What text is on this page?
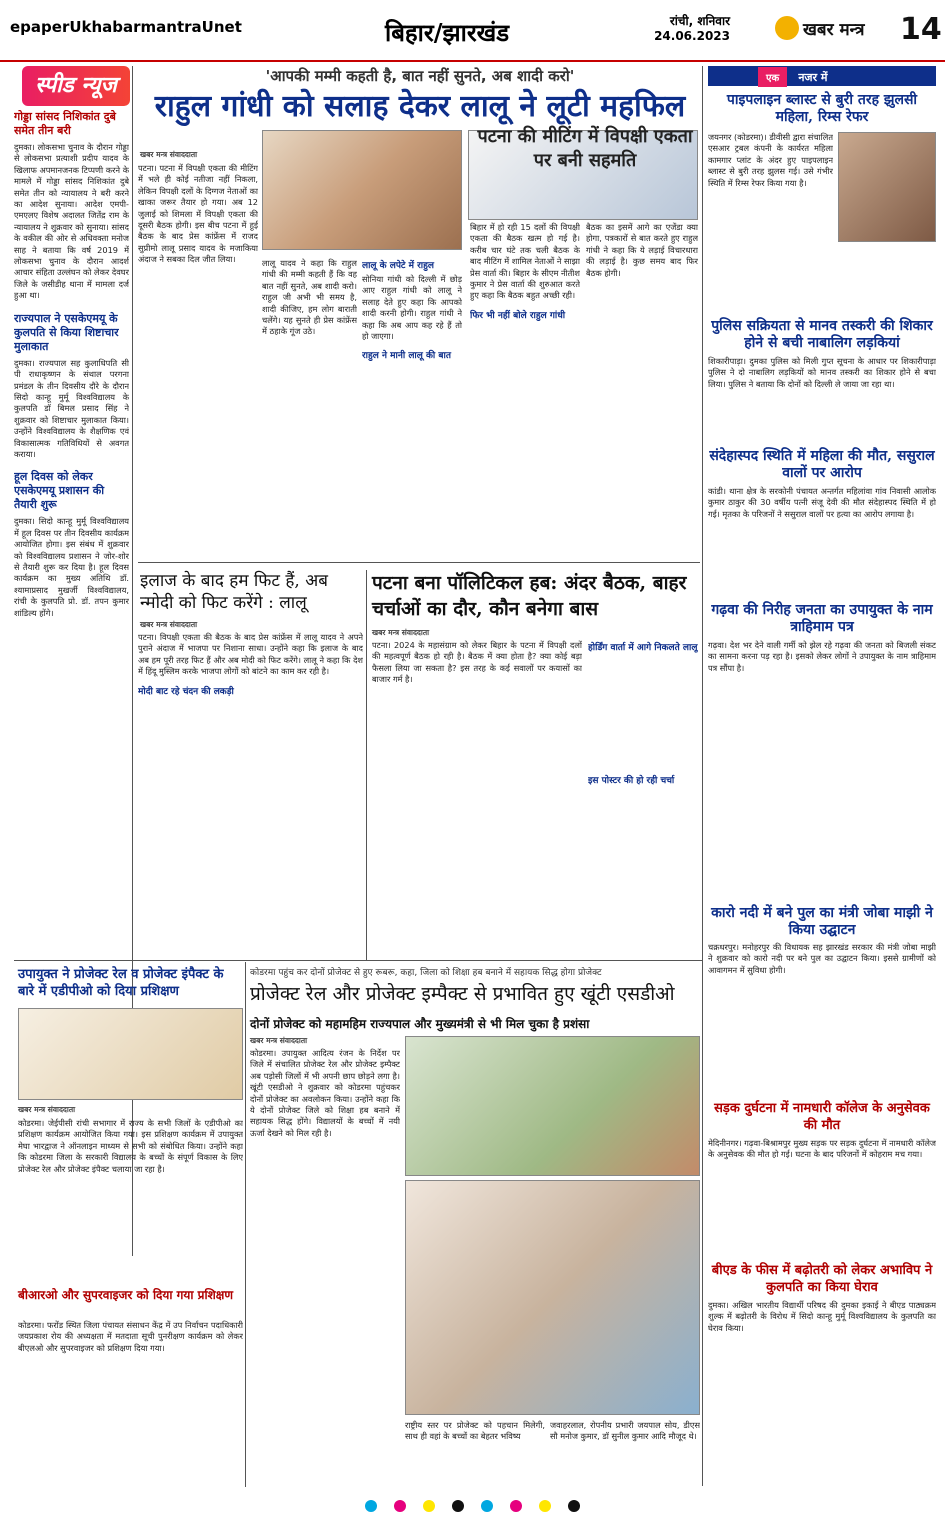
epaperUkhabarmantraUnet	बिहार/झारखंड	रांची, शनिवार
24.06.2023	खबर मन्त्र	14
स्पीड न्यूज
गोड्डा सांसद निशिकांत दुबे समेत तीन बरी
दुमका। लोकसभा चुनाव के दौरान गोड्डा से लोकसभा प्रत्याशी प्रदीप यादव के खिलाफ अपमानजनक टिप्पणी करने के मामले में गोड्डा सांसद निशिकांत दुबे समेत तीन को न्यायालय ने बरी करने का आदेश सुनाया। आदेश एमपी-एमएलए विशेष अदालत जितेंद्र राम के न्यायालय ने शुक्रवार को सुनाया। सांसद के वकील की ओर से अधिवक्ता मनोज साह ने बताया कि वर्ष 2019 में लोकसभा चुनाव के दौरान आदर्श आचार संहिता उल्लंघन को लेकर देवघर जिले के जसीडीह थाना में मामला दर्ज हुआ था।
राज्यपाल ने एसकेएमयू के कुलपति से किया शिष्टाचार मुलाकात
दुमका। राज्यपाल सह कुलाधिपति सी पी राधाकृष्णन के संथाल परगना प्रमंडल के तीन दिवसीय दौरे के दौरान सिदो कान्हू मुर्मू विश्वविद्यालय के कुलपति डॉ बिमल प्रसाद सिंह ने शुक्रवार को शिष्टाचार मुलाकात किया। उन्होंने विश्वविद्यालय के शैक्षणिक एवं विकासात्मक गतिविधियों से अवगत कराया।
हूल दिवस को लेकर एसकेएमयू प्रशासन की तैयारी शुरू
दुमका। सिदो कान्हू मुर्मू विश्वविद्यालय में हूल दिवस पर तीन दिवसीय कार्यक्रम आयोजित होगा। इस संबंध में शुक्रवार को विश्वविद्यालय प्रशासन ने जोर-शोर से तैयारी शुरू कर दिया है। हूल दिवस कार्यक्रम का मुख्य अतिथि डॉ. श्यामाप्रसाद मुखर्जी विश्वविद्यालय, रांची के कुलपति प्रो. डॉ. तपन कुमार शांडिल्य होंगे।
'आपकी मम्मी कहती है, बात नहीं सुनते, अब शादी करो'
राहुल गांधी को सलाह देकर लालू ने लूटी महफिल
खबर मन्त्र संवाददाता
पटना। पटना में विपक्षी एकता की मीटिंग में भले ही कोई नतीजा नहीं निकला, लेकिन विपक्षी दलों के दिग्गज नेताओं का खाका जरूर तैयार हो गया। अब 12 जुलाई को शिमला में विपक्षी एकता की दूसरी बैठक होगी। इस बीच पटना में हुई बैठक के बाद प्रेस कांफ्रेंस में राजद सुप्रीमो लालू प्रसाद यादव के मजाकिया अंदाज ने सबका दिल जीत लिया।	लालू यादव ने कहा कि राहुल गांधी की मम्मी कहती हैं कि वह बात नहीं सुनते, अब शादी करो। राहुल जी अभी भी समय है, शादी कीजिए, हम लोग बाराती चलेंगे। यह सुनते ही प्रेस कांफ्रेंस में ठहाके गूंज उठे।
लालू के लपेटे में राहुल
सोनिया गांधी को दिल्ली में छोड़ आए राहुल गांधी को लालू ने सलाह देते हुए कहा कि आपको शादी करनी होगी। राहुल गांधी ने कहा कि अब आप कह रहे हैं तो हो जाएगा।
राहुल ने मानी लालू की बात
पटना की मीटिंग में विपक्षी एकता पर बनी सहमति
बिहार में हो रही 15 दलों की विपक्षी एकता की बैठक खत्म हो गई है। करीब चार घंटे तक चली बैठक के बाद मीटिंग में शामिल नेताओं ने साझा प्रेस वार्ता की। बिहार के सीएम नीतीश कुमार ने प्रेस वार्ता की शुरुआत करते हुए कहा कि बैठक बहुत अच्छी रही।
फिर भी नहीं बोले राहुल गांधी
बैठक का इसमें आगे का एजेंडा क्या होगा, पत्रकारों से बात करते हुए राहुल गांधी ने कहा कि ये लड़ाई विचारधारा की लड़ाई है। कुछ समय बाद फिर बैठक होगी।
इलाज के बाद हम फिट हैं, अब न्मोदी को फिट करेंगे : लालू
खबर मन्त्र संवाददाता
पटना। विपक्षी एकता की बैठक के बाद प्रेस कांफ्रेंस में लालू यादव ने अपने पुराने अंदाज में भाजपा पर निशाना साधा। उन्होंने कहा कि इलाज के बाद अब हम पूरी तरह फिट हैं और अब मोदी को फिट करेंगे। लालू ने कहा कि देश में हिंदू मुस्लिम करके भाजपा लोगों को बांटने का काम कर रही है।
मोदी बाट रहे चंदन की लकड़ी
पटना बना पॉलिटिकल हब: अंदर बैठक, बाहर चर्चाओं का दौर, कौन बनेगा बास
खबर मन्त्र संवाददाता
पटना। 2024 के महासंग्राम को लेकर बिहार के पटना में विपक्षी दलों की महत्वपूर्ण बैठक हो रही है। बैठक में क्या होता है? क्या कोई बड़ा फैसला लिया जा सकता है? इस तरह के कई सवालों पर कयासों का बाजार गर्म है।
होर्डिंग वार्ता में आगे निकलते लालू
इस पोस्टर की हो रही चर्चा
उपायुक्त ने प्रोजेक्ट रेल व प्रोजेक्ट इंपैक्ट के बारे में एडीपीओ को दिया प्रशिक्षण
खबर मन्त्र संवाददाता
कोडरमा। जेईपीसी रांची सभागार में राज्य के सभी जिलों के एडीपीओ का प्रशिक्षण कार्यक्रम आयोजित किया गया। इस प्रशिक्षण कार्यक्रम में उपायुक्त मेघा भारद्वाज ने ऑनलाइन माध्यम से सभी को संबोधित किया। उन्होंने कहा कि कोडरमा जिला के सरकारी विद्यालय के बच्चों के संपूर्ण विकास के लिए प्रोजेक्ट रेल और प्रोजेक्ट इंपैक्ट चलाया जा रहा है।
बीआरओ और सुपरवाइजर को दिया गया प्रशिक्षण
कोडरमा। फरोंड स्थित जिला पंचायत संसाधन केंद्र में उप निर्वाचन पदाधिकारी जयप्रकाश रोय की अध्यक्षता में मतदाता सूची पुनरीक्षण कार्यक्रम को लेकर बीएलओ और सुपरवाइजर को प्रशिक्षण दिया गया।
कोडरमा पहुंच कर दोनों प्रोजेक्ट से हुए रूबरू, कहा, जिला को शिक्षा हब बनाने में सहायक सिद्ध होगा प्रोजेक्ट
प्रोजेक्ट रेल और प्रोजेक्ट इम्पैक्ट से प्रभावित हुए खूंटी एसडीओ
दोनों प्रोजेक्ट को महामहिम राज्यपाल और मुख्यमंत्री से भी मिल चुका है प्रशंसा
खबर मन्त्र संवाददाता
कोडरमा। उपायुक्त आदित्य रंजन के निर्देश पर जिले में संचालित प्रोजेक्ट रेल और प्रोजेक्ट इम्पैक्ट अब पड़ोसी जिलों में भी अपनी छाप छोड़ने लगा है। खूंटी एसडीओ ने शुक्रवार को कोडरमा पहुंचकर दोनों प्रोजेक्ट का अवलोकन किया। उन्होंने कहा कि ये दोनों प्रोजेक्ट जिले को शिक्षा हब बनाने में सहायक सिद्ध होंगे। विद्यालयों के बच्चों में नयी ऊर्जा देखने को मिल रही है।
राष्ट्रीय स्तर पर प्रोजेक्ट को पहचान मिलेगी, साथ ही वहां के बच्चों का बेहतर भविष्य
जवाहरलाल, रोपनीय प्रभारी जयपाल सोय, डीएस सौ मनोज कुमार, डॉ सुनील कुमार आदि मौजूद थे।
एक नजर में
पाइपलाइन ब्लास्ट से बुरी तरह झुलसी महिला, रिम्स रेफर
जयनगर (कोडरमा)। डीवीसी द्वारा संचालित एसआर ट्रबल कंपनी के कार्यरत महिला कामगार प्लांट के अंदर हुए पाइपलाइन ब्लास्ट से बुरी तरह झुलस गई। उसे गंभीर स्थिति में रिम्स रेफर किया गया है।
पुलिस सक्रियता से मानव तस्करी की शिकार होने से बची नाबालिग लड़कियां
शिकारीपाड़ा। दुमका पुलिस को मिली गुप्त सूचना के आधार पर शिकारीपाड़ा पुलिस ने दो नाबालिग लड़कियों को मानव तस्करी का शिकार होने से बचा लिया। पुलिस ने बताया कि दोनों को दिल्ली ले जाया जा रहा था।
संदेहास्पद स्थिति में महिला की मौत, ससुराल वालों पर आरोप
कांडी। थाना क्षेत्र के सरकोनी पंचायत अन्तर्गत महिलांवा गांव निवासी आलोक कुमार ठाकुर की 30 वर्षीय पत्नी संजू देवी की मौत संदेहास्पद स्थिति में हो गई। मृतका के परिजनों ने ससुराल वालों पर हत्या का आरोप लगाया है।
गढ़वा की निरीह जनता का उपायुक्त के नाम त्राहिमाम पत्र
गढ़वा। देश भर देने वाली गर्मी को झेल रहे गढ़वा की जनता को बिजली संकट का सामना करना पड़ रहा है। इसको लेकर लोगों ने उपायुक्त के नाम त्राहिमाम पत्र सौंपा है।
कारो नदी में बने पुल का मंत्री जोबा माझी ने किया उद्घाटन
चक्रधरपुर। मनोहरपुर की विधायक सह झारखंड सरकार की मंत्री जोबा माझी ने शुक्रवार को कारो नदी पर बने पुल का उद्घाटन किया। इससे ग्रामीणों को आवागमन में सुविधा होगी।
सड़क दुर्घटना में नामधारी कॉलेज के अनुसेवक की मौत
मेदिनीनगर। गढ़वा-बिश्रामपुर मुख्य सड़क पर सड़क दुर्घटना में नामधारी कॉलेज के अनुसेवक की मौत हो गई। घटना के बाद परिजनों में कोहराम मच गया।
बीएड के फीस में बढ़ोतरी को लेकर अभाविप ने कुलपति का किया घेराव
दुमका। अखिल भारतीय विद्यार्थी परिषद की दुमका इकाई ने बीएड पाठ्यक्रम शुल्क में बढ़ोतरी के विरोध में सिदो कान्हू मुर्मू विश्वविद्यालय के कुलपति का घेराव किया।
